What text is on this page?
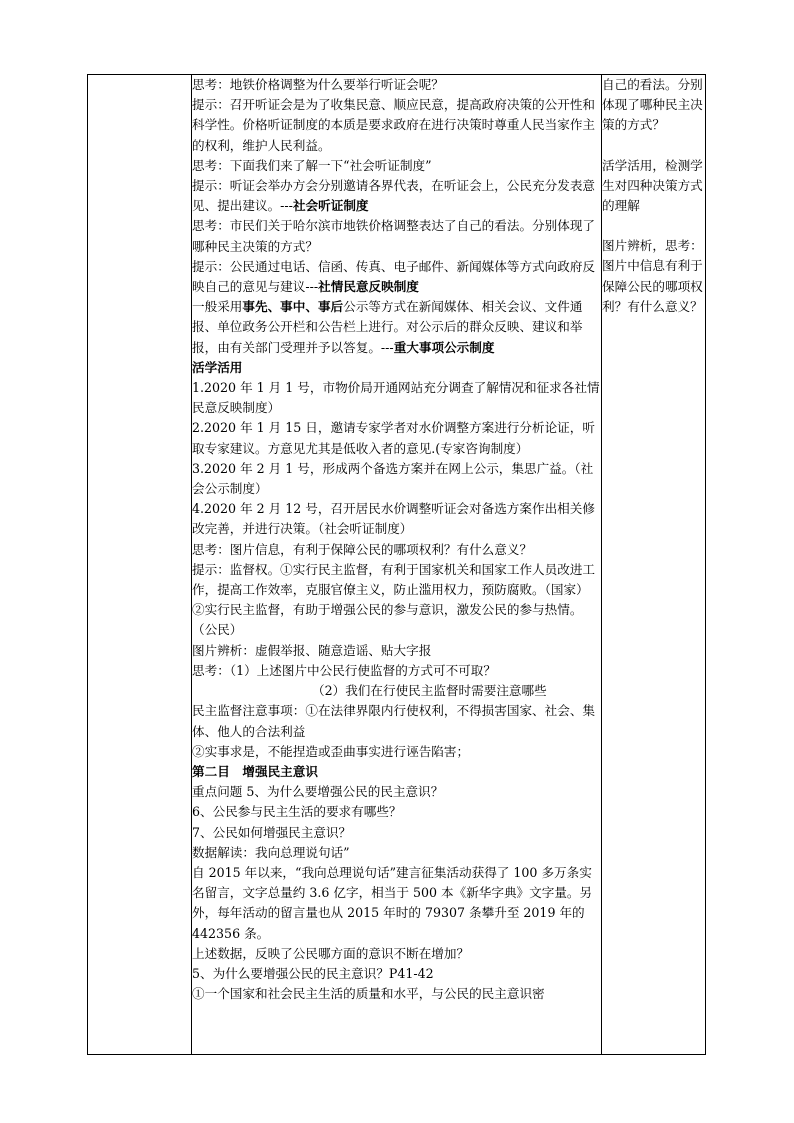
思考：地铁价格调整为什么要举行听证会呢？

提示：召开听证会是为了收集民意、顺应民意，提高政府决策的公开性和科学性。价格听证制度的本质是要求政府在进行决策时尊重人民当家作主的权利，维护人民利益。

思考：下面我们来了解一下“社会听证制度”

提示：听证会举办方会分别邀请各界代表，在听证会上，公民充分发表意见、提出建议。---社会听证制度

思考：市民们关于哈尔滨市地铁价格调整表达了自己的看法。分别体现了哪种民主决策的方式？

提示：公民通过电话、信函、传真、电子邮件、新闻媒体等方式向政府反映自己的意见与建议---社情民意反映制度

一般采用事先、事中、事后公示等方式在新闻媒体、相关会议、文件通报、单位政务公开栏和公告栏上进行。对公示后的群众反映、建议和举报，由有关部门受理并予以答复。---重大事项公示制度

活学活用

1.2020 年 1 月 1 号，市物价局开通网站充分调查了解情况和征求各社情民意反映制度）

2.2020 年 1 月 15 日，邀请专家学者对水价调整方案进行分析论证，听取专家建议。方意见尤其是低收入者的意见.(专家咨询制度）

3.2020 年 2 月 1 号，形成两个备选方案并在网上公示，集思广益。（社会公示制度）

4.2020 年 2 月 12 号，召开居民水价调整听证会对备选方案作出相关修改完善，并进行决策。（社会听证制度）

思考：图片信息，有利于保障公民的哪项权利？有什么意义？

提示：监督权。①实行民主监督，有利于国家机关和国家工作人员改进工作，提高工作效率，克服官僚主义，防止滥用权力，预防腐败。（国家）

②实行民主监督，有助于增强公民的参与意识，激发公民的参与热情。（公民）

图片辨析：虚假举报、随意造谣、贴大字报

思考：（1）上述图片中公民行使监督的方式可不可取？

（2）我们在行使民主监督时需要注意哪些

民主监督注意事项：①在法律界限内行使权利，不得损害国家、社会、集体、他人的合法利益

②实事求是，不能捏造或歪曲事实进行诬告陷害；

第二目　增强民主意识

重点问题 5、为什么要增强公民的民主意识？

6、公民参与民主生活的要求有哪些？

7、公民如何增强民主意识？

数据解读：我向总理说句话”

自 2015 年以来，“我向总理说句话”建言征集活动获得了 100 多万条实名留言，文字总量约 3.6 亿字，相当于 500 本《新华字典》文字量。另外，每年活动的留言量也从 2015 年时的 79307 条攀升至 2019 年的 442356 条。

上述数据，反映了公民哪方面的意识不断在增加？

5、为什么要增强公民的民主意识？P41-42

①一个国家和社会民主生活的质量和水平，与公民的民主意识密

自己的看法。分别体现了哪种民主决策的方式？

活学活用，检测学生对四种决策方式的理解

图片辨析，思考：图片中信息有利于保障公民的哪项权利？有什么意义？
